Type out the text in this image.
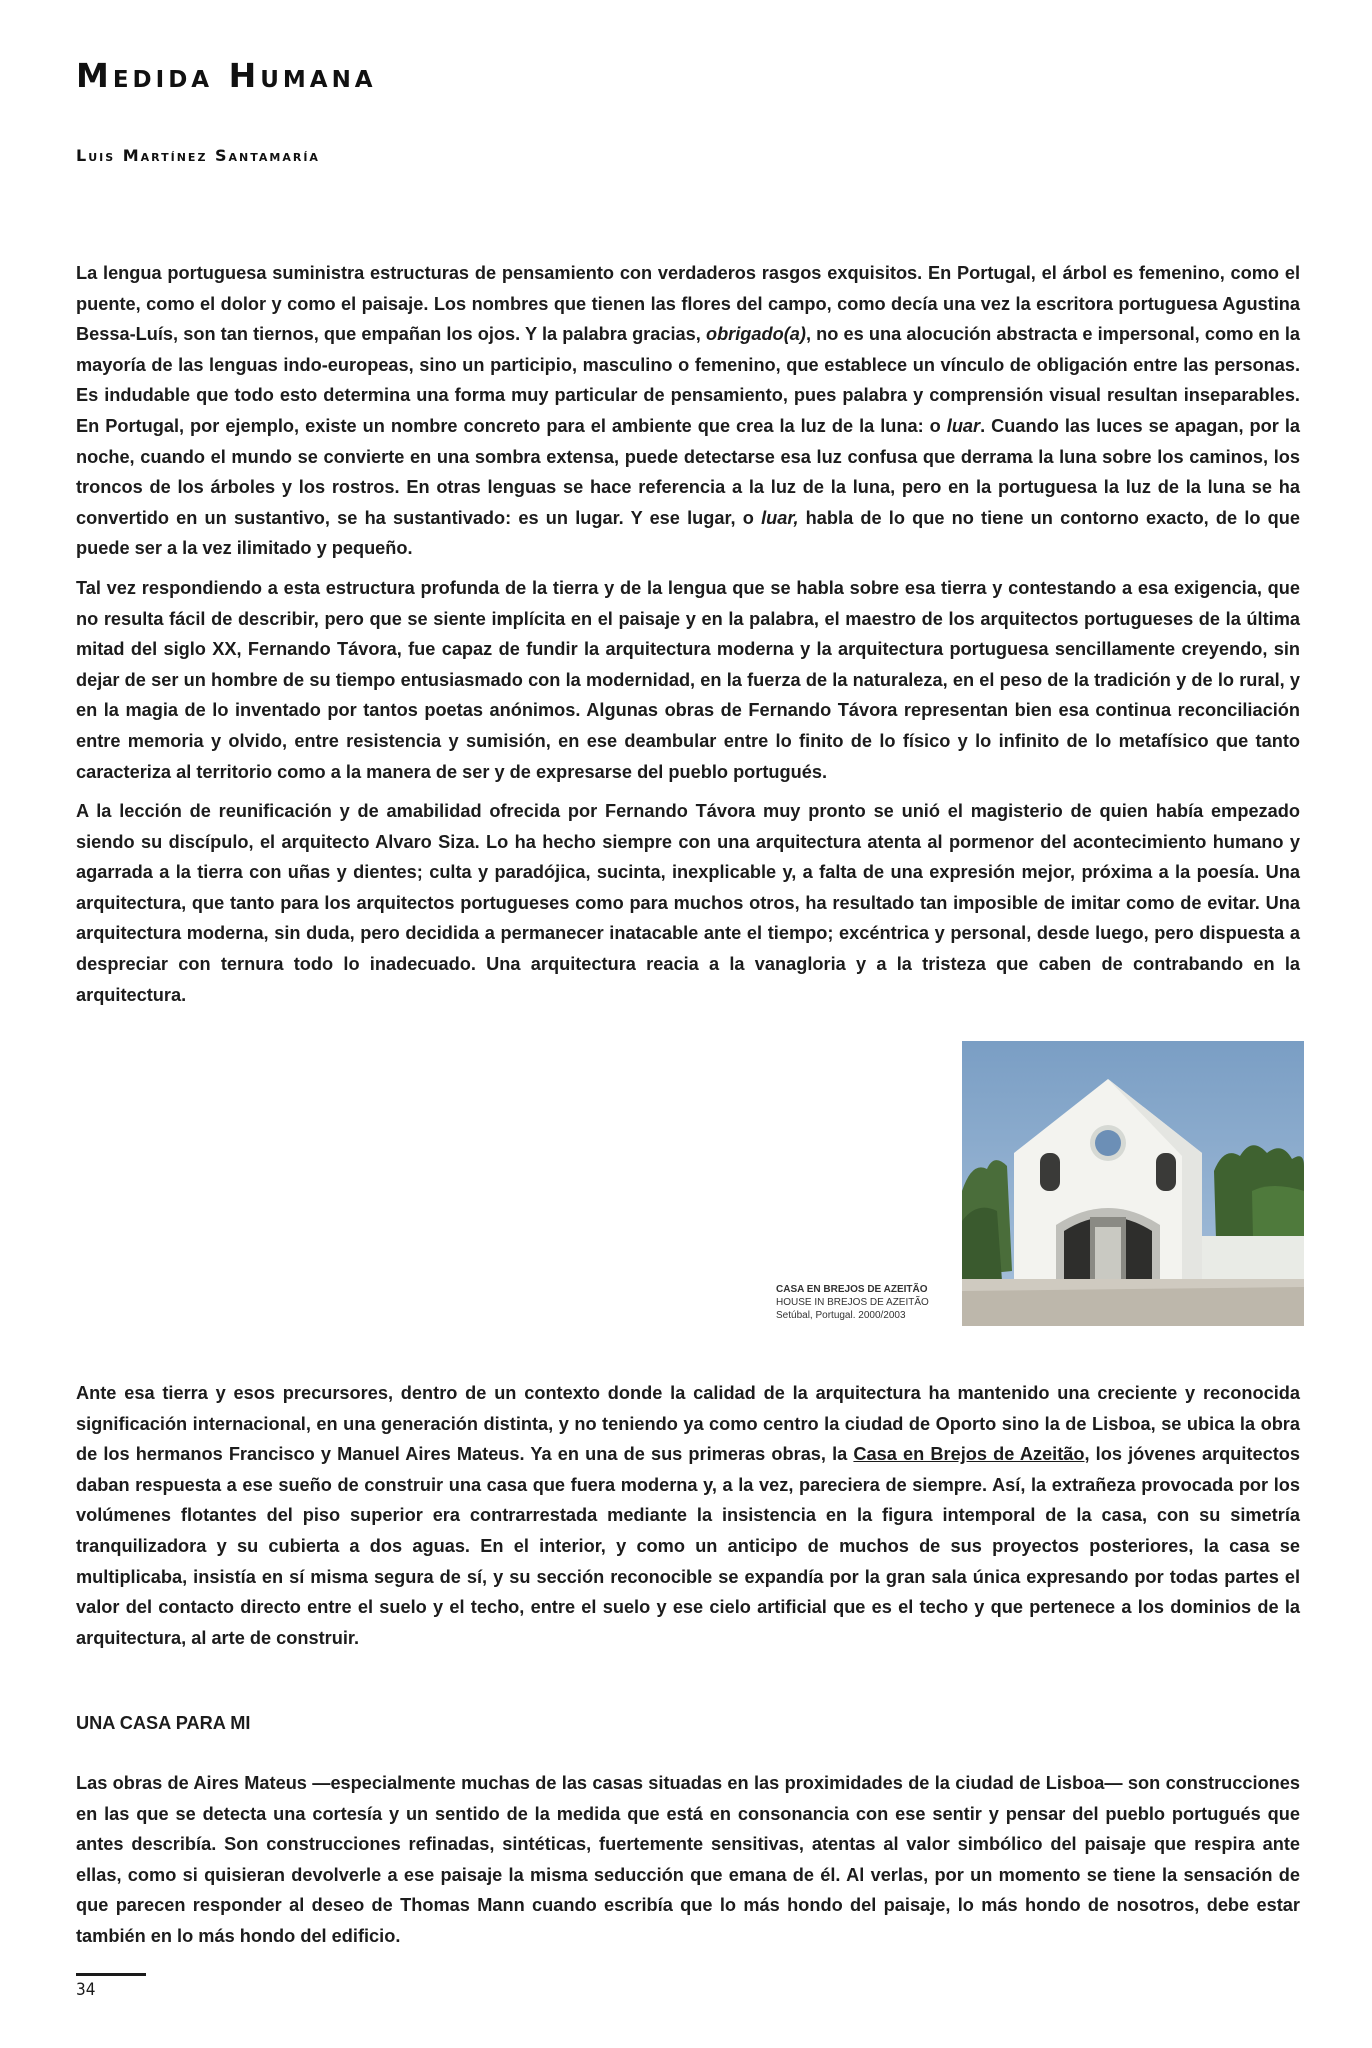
Medida Humana
Luis Martínez Santamaría

La lengua portuguesa suministra estructuras de pensamiento con verdaderos rasgos exquisitos. En Portugal, el árbol es femenino, como el puente, como el dolor y como el paisaje. Los nombres que tienen las flores del campo, como decía una vez la escritora portuguesa Agustina Bessa-Luís, son tan tiernos, que empañan los ojos. Y la palabra gracias, obrigado(a), no es una alocución abstracta e impersonal, como en la mayoría de las lenguas indo-europeas, sino un participio, masculino o femenino, que establece un vínculo de obligación entre las personas. Es indudable que todo esto determina una forma muy particular de pensamiento, pues palabra y comprensión visual resultan inseparables. En Portugal, por ejemplo, existe un nombre concreto para el ambiente que crea la luz de la luna: o luar. Cuando las luces se apagan, por la noche, cuando el mundo se convierte en una sombra extensa, puede detectarse esa luz confusa que derrama la luna sobre los caminos, los troncos de los árboles y los rostros. En otras lenguas se hace referencia a la luz de la luna, pero en la portuguesa la luz de la luna se ha convertido en un sustantivo, se ha sustantivado: es un lugar. Y ese lugar, o luar, habla de lo que no tiene un contorno exacto, de lo que puede ser a la vez ilimitado y pequeño.

Tal vez respondiendo a esta estructura profunda de la tierra y de la lengua que se habla sobre esa tierra y contestando a esa exigencia, que no resulta fácil de describir, pero que se siente implícita en el paisaje y en la palabra, el maestro de los arquitectos portugueses de la última mitad del siglo XX, Fernando Távora, fue capaz de fundir la arquitectura moderna y la arquitectura portuguesa sencillamente creyendo, sin dejar de ser un hombre de su tiempo entusiasmado con la modernidad, en la fuerza de la naturaleza, en el peso de la tradición y de lo rural, y en la magia de lo inventado por tantos poetas anónimos. Algunas obras de Fernando Távora representan bien esa continua reconciliación entre memoria y olvido, entre resistencia y sumisión, en ese deambular entre lo finito de lo físico y lo infinito de lo metafísico que tanto caracteriza al territorio como a la manera de ser y de expresarse del pueblo portugués.

A la lección de reunificación y de amabilidad ofrecida por Fernando Távora muy pronto se unió el magisterio de quien había empezado siendo su discípulo, el arquitecto Alvaro Siza. Lo ha hecho siempre con una arquitectura atenta al pormenor del acontecimiento humano y agarrada a la tierra con uñas y dientes; culta y paradójica, sucinta, inexplicable y, a falta de una expresión mejor, próxima a la poesía. Una arquitectura, que tanto para los arquitectos portugueses como para muchos otros, ha resultado tan imposible de imitar como de evitar. Una arquitectura moderna, sin duda, pero decidida a permanecer inatacable ante el tiempo; excéntrica y personal, desde luego, pero dispuesta a despreciar con ternura todo lo inadecuado. Una arquitectura reacia a la vanagloria y a la tristeza que caben de contrabando en la arquitectura.

CASA EN BREJOS DE AZEITÃO
HOUSE IN BREJOS DE AZEITÃO
Setúbal, Portugal. 2000/2003

Ante esa tierra y esos precursores, dentro de un contexto donde la calidad de la arquitectura ha mantenido una creciente y reconocida significación internacional, en una generación distinta, y no teniendo ya como centro la ciudad de Oporto sino la de Lisboa, se ubica la obra de los hermanos Francisco y Manuel Aires Mateus. Ya en una de sus primeras obras, la Casa en Brejos de Azeitão, los jóvenes arquitectos daban respuesta a ese sueño de construir una casa que fuera moderna y, a la vez, pareciera de siempre. Así, la extrañeza provocada por los volúmenes flotantes del piso superior era contrarrestada mediante la insistencia en la figura intemporal de la casa, con su simetría tranquilizadora y su cubierta a dos aguas. En el interior, y como un anticipo de muchos de sus proyectos posteriores, la casa se multiplicaba, insistía en sí misma segura de sí, y su sección reconocible se expandía por la gran sala única expresando por todas partes el valor del contacto directo entre el suelo y el techo, entre el suelo y ese cielo artificial que es el techo y que pertenece a los dominios de la arquitectura, al arte de construir.

UNA CASA PARA MI

Las obras de Aires Mateus —especialmente muchas de las casas situadas en las proximidades de la ciudad de Lisboa— son construcciones en las que se detecta una cortesía y un sentido de la medida que está en consonancia con ese sentir y pensar del pueblo portugués que antes describía. Son construcciones refinadas, sintéticas, fuertemente sensitivas, atentas al valor simbólico del paisaje que respira ante ellas, como si quisieran devolverle a ese paisaje la misma seducción que emana de él. Al verlas, por un momento se tiene la sensación de que parecen responder al deseo de Thomas Mann cuando escribía que lo más hondo del paisaje, lo más hondo de nosotros, debe estar también en lo más hondo del edificio.

34
